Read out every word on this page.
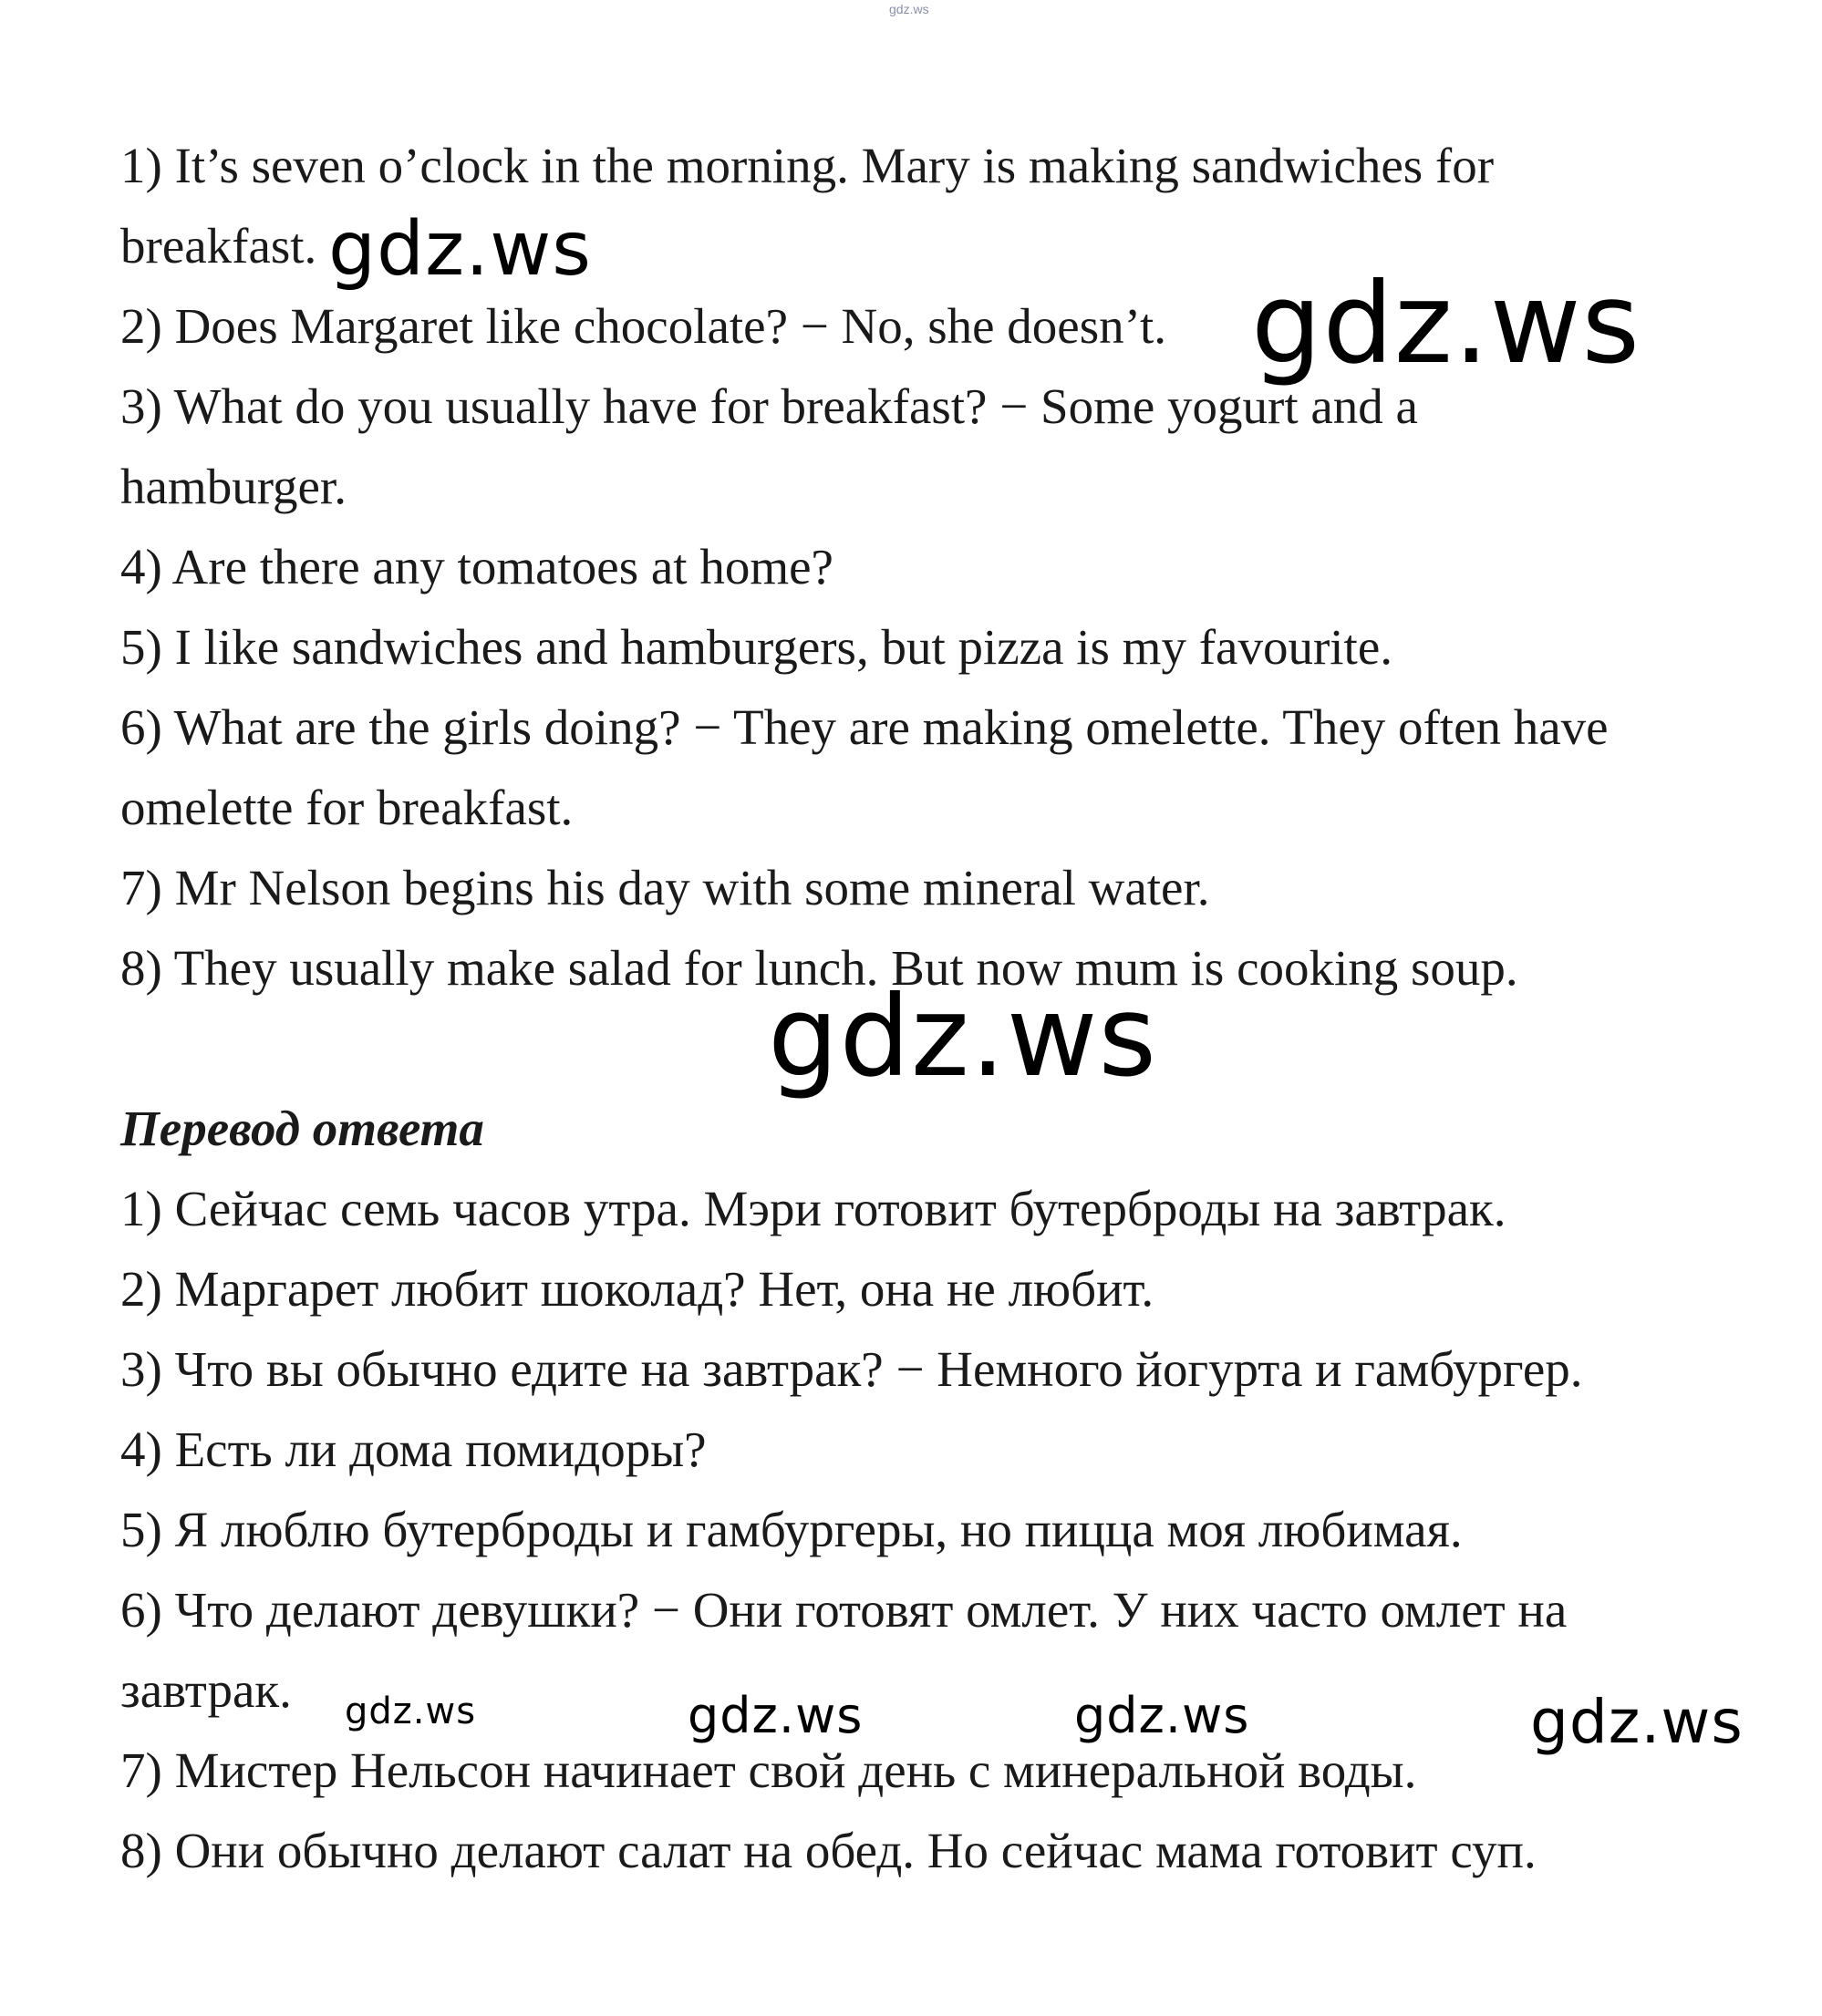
gdz.ws
1) It’s seven o’clock in the morning. Mary is making sandwiches for
breakfast.
2) Does Margaret like chocolate? − No, she doesn’t.
3) What do you usually have for breakfast? − Some yogurt and a
hamburger.
4) Are there any tomatoes at home?
5) I like sandwiches and hamburgers, but pizza is my favourite.
6) What are the girls doing? − They are making omelette. They often have
omelette for breakfast.
7) Mr Nelson begins his day with some mineral water.
8) They usually make salad for lunch. But now mum is cooking soup.
Перевод ответа
1) Сейчас семь часов утра. Мэри готовит бутерброды на завтрак.
2) Маргарет любит шоколад? Нет, она не любит.
3) Что вы обычно едите на завтрак? − Немного йогурта и гамбургер.
4) Есть ли дома помидоры?
5) Я люблю бутерброды и гамбургеры, но пицца моя любимая.
6) Что делают девушки? − Они готовят омлет. У них часто омлет на
завтрак.
7) Мистер Нельсон начинает свой день с минеральной воды.
8) Они обычно делают салат на обед. Но сейчас мама готовит суп.
gdz.ws
gdz.ws
gdz.ws
gdz.ws	gdz.ws	gdz.ws	gdz.ws
